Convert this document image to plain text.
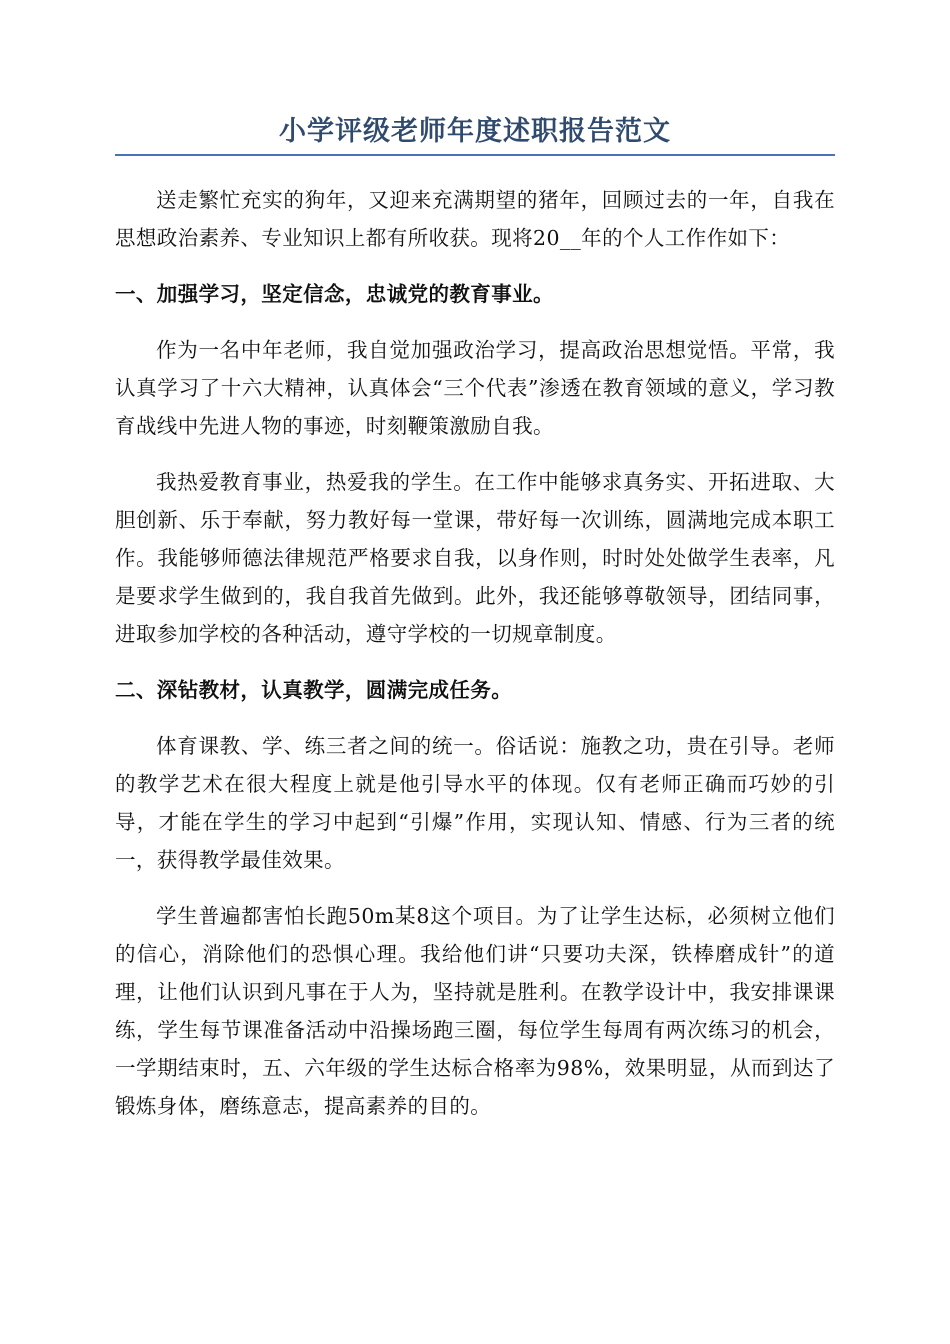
小学评级老师年度述职报告范文

送走繁忙充实的狗年，又迎来充满期望的猪年，回顾过去的一年，自我在思想政治素养、专业知识上都有所收获。现将20__年的个人工作作如下：

一、加强学习，坚定信念，忠诚党的教育事业。

作为一名中年老师，我自觉加强政治学习，提高政治思想觉悟。平常，我认真学习了十六大精神，认真体会“三个代表”渗透在教育领域的意义，学习教育战线中先进人物的事迹，时刻鞭策激励自我。

我热爱教育事业，热爱我的学生。在工作中能够求真务实、开拓进取、大胆创新、乐于奉献，努力教好每一堂课，带好每一次训练，圆满地完成本职工作。我能够师德法律规范严格要求自我，以身作则，时时处处做学生表率，凡是要求学生做到的，我自我首先做到。此外，我还能够尊敬领导，团结同事，进取参加学校的各种活动，遵守学校的一切规章制度。

二、深钻教材，认真教学，圆满完成任务。

体育课教、学、练三者之间的统一。俗话说：施教之功，贵在引导。老师的教学艺术在很大程度上就是他引导水平的体现。仅有老师正确而巧妙的引导，才能在学生的学习中起到“引爆”作用，实现认知、情感、行为三者的统一，获得教学最佳效果。

学生普遍都害怕长跑50m某8这个项目。为了让学生达标，必须树立他们的信心，消除他们的恐惧心理。我给他们讲“只要功夫深，铁棒磨成针”的道理，让他们认识到凡事在于人为，坚持就是胜利。在教学设计中，我安排课课练，学生每节课准备活动中沿操场跑三圈，每位学生每周有两次练习的机会，一学期结束时，五、六年级的学生达标合格率为98%，效果明显，从而到达了锻炼身体，磨练意志，提高素养的目的。
